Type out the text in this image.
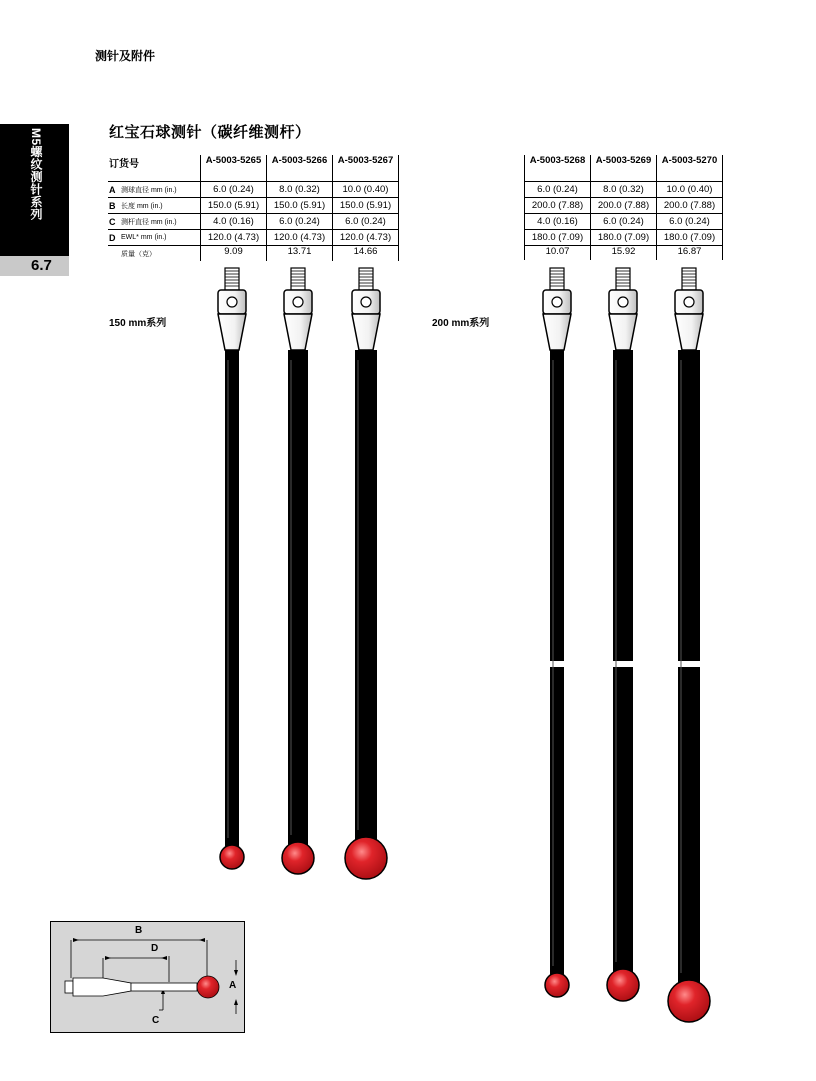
测针及附件
M5螺纹测针系列
6.7
红宝石球测针（碳纤维测杆）
订货号		A-5003-5265	A-5003-5266	A-5003-5267
A	测球直径 mm (in.)	6.0 (0.24)	8.0 (0.32)	10.0 (0.40)
B	长度 mm (in.)	150.0 (5.91)	150.0 (5.91)	150.0 (5.91)
C	测杆直径 mm (in.)	4.0 (0.16)	6.0 (0.24)	6.0 (0.24)
D	EWL* mm (in.)	120.0 (4.73)	120.0 (4.73)	120.0 (4.73)
	质量（克）	9.09	13.71	14.66
A-5003-5268	A-5003-5269	A-5003-5270
6.0 (0.24)	8.0 (0.32)	10.0 (0.40)
200.0 (7.88)	200.0 (7.88)	200.0 (7.88)
4.0 (0.16)	6.0 (0.24)	6.0 (0.24)
180.0 (7.09)	180.0 (7.09)	180.0 (7.09)
10.07	15.92	16.87
150 mm系列	200 mm系列
B
D
A
C
